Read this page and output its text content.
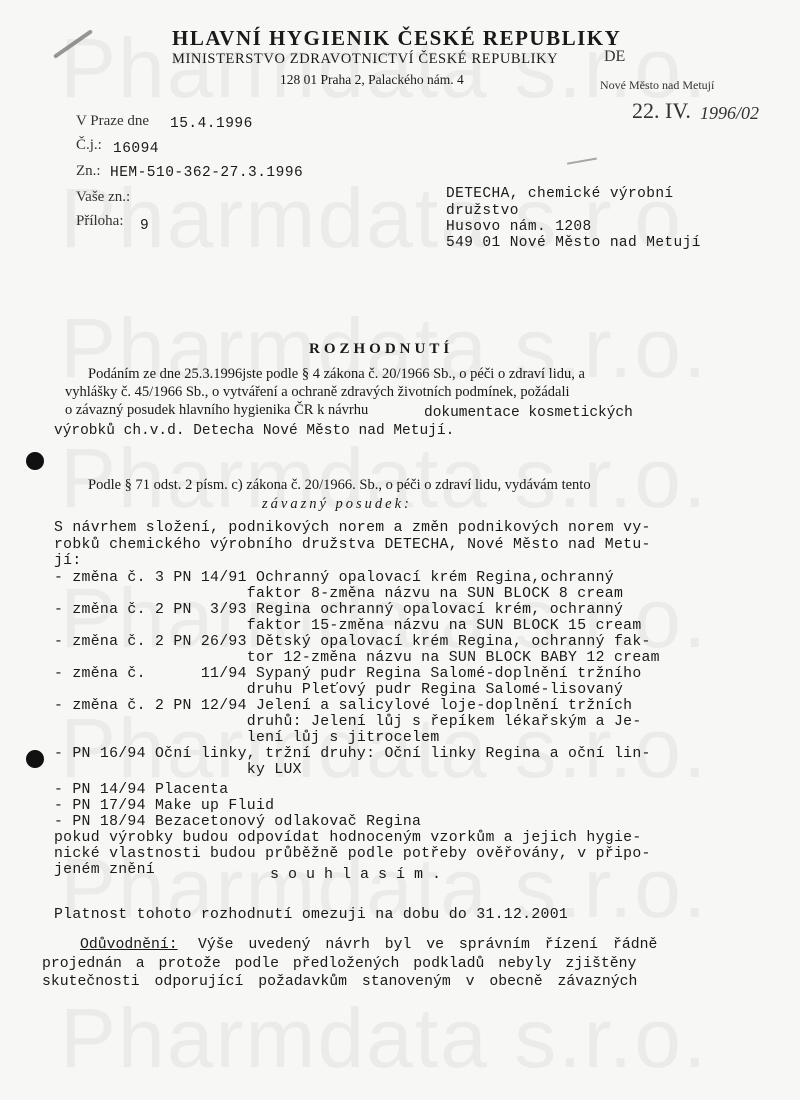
HLAVNÍ HYGIENIK ČESKÉ REPUBLIKY
MINISTERSTVO ZDRAVOTNICTVÍ ČESKÉ REPUBLIKY
128 01 Praha 2, Palackého nám. 4
DE
Nové Město nad Metují
22. IV. 1996/02
V Praze dne 15.4.1996
Č.j.: 16094
Zn.: HEM-510-362-27.3.1996
Vaše zn.:
Příloha: 9
DETECHA, chemické výrobní
družstvo
Husovo nám. 1208
549 01 Nové Město nad Metují
ROZHODNUTÍ
Podáním ze dne 25.3.1996jste podle § 4 zákona č. 20/1966 Sb., o péči o zdraví lidu, a
vyhlášky č. 45/1966 Sb., o vytváření a ochraně zdravých životních podmínek, požádali
o závazný posudek hlavního hygienika ČR k návrhu	dokumentace kosmetických
výrobků ch.v.d. Detecha Nové Město nad Metují.
Podle § 71 odst. 2 písm. c) zákona č. 20/1966. Sb., o péči o zdraví lidu, vydávám tento
závazný posudek:
S návrhem složení, podnikových norem a změn podnikových norem vy-
robků chemického výrobního družstva DETECHA, Nové Město nad Metu-
jí:
- změna č. 3 PN 14/91 Ochranný opalovací krém Regina,ochranný
faktor 8-změna názvu na SUN BLOCK 8 cream
- změna č. 2 PN  3/93 Regina ochranný opalovací krém, ochranný
faktor 15-změna názvu na SUN BLOCK 15 cream
- změna č. 2 PN 26/93 Dětský opalovací krém Regina, ochranný fak-
tor 12-změna názvu na SUN BLOCK BABY 12 cream
- změna č.      11/94 Sypaný pudr Regina Salomé-doplnění tržního
druhu Pleťový pudr Regina Salomé-lisovaný
- změna č. 2 PN 12/94 Jelení a salicylové loje-doplnění tržních
druhů: Jelení lůj s řepíkem lékařským a Je-
lení lůj s jitrocelem
- PN 16/94 Oční linky, tržní druhy: Oční linky Regina a oční lin-
ky LUX
- PN 14/94 Placenta
- PN 17/94 Make up Fluid
- PN 18/94 Bezacetonový odlakovač Regina
pokud výrobky budou odpovídat hodnoceným vzorkům a jejich hygie-
nické vlastnosti budou průběžně podle potřeby ověřovány, v připo-
jeném znění	souhlasím.
Platnost tohoto rozhodnutí omezuji na dobu do 31.12.2001
Odůvodnění: Výše uvedený návrh byl ve správním řízení řádně
projednán a protože podle předložených podkladů nebyly zjištěny
skutečnosti odporující požadavkům stanoveným v obecně závazných
